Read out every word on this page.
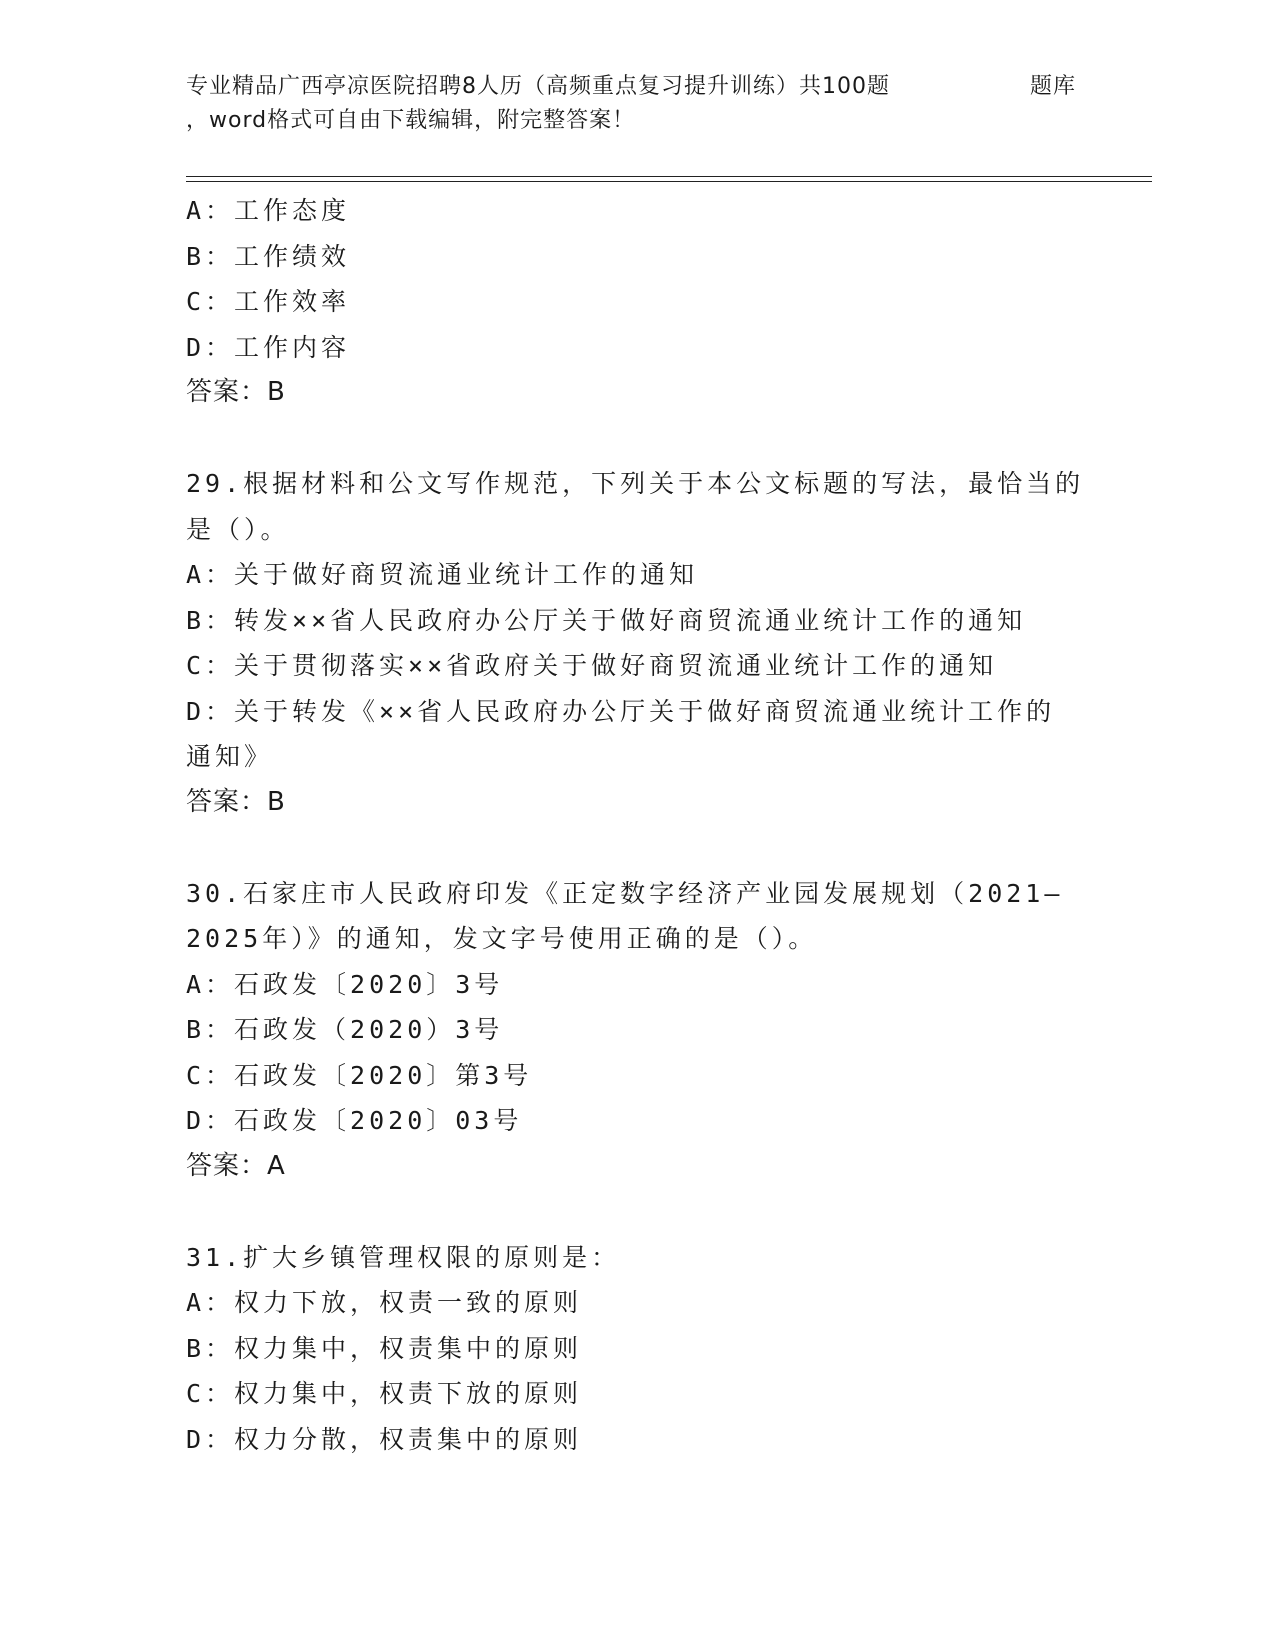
专业精品广西亭凉医院招聘8人历（高频重点复习提升训练）共100题	题库
，word格式可自由下载编辑，附完整答案！
A：工作态度
B：工作绩效
C：工作效率
D：工作内容
答案：B
29.根据材料和公文写作规范，下列关于本公文标题的写法，最恰当的
是（）。
A：关于做好商贸流通业统计工作的通知
B：转发××省人民政府办公厅关于做好商贸流通业统计工作的通知
C：关于贯彻落实××省政府关于做好商贸流通业统计工作的通知
D：关于转发《××省人民政府办公厅关于做好商贸流通业统计工作的
通知》
答案：B
30.石家庄市人民政府印发《正定数字经济产业园发展规划（2021—
2025年）》的通知，发文字号使用正确的是（）。
A：石政发〔2020〕3号
B：石政发（2020）3号
C：石政发〔2020〕第3号
D：石政发〔2020〕03号
答案：A
31.扩大乡镇管理权限的原则是：
A：权力下放，权责一致的原则
B：权力集中，权责集中的原则
C：权力集中，权责下放的原则
D：权力分散，权责集中的原则
